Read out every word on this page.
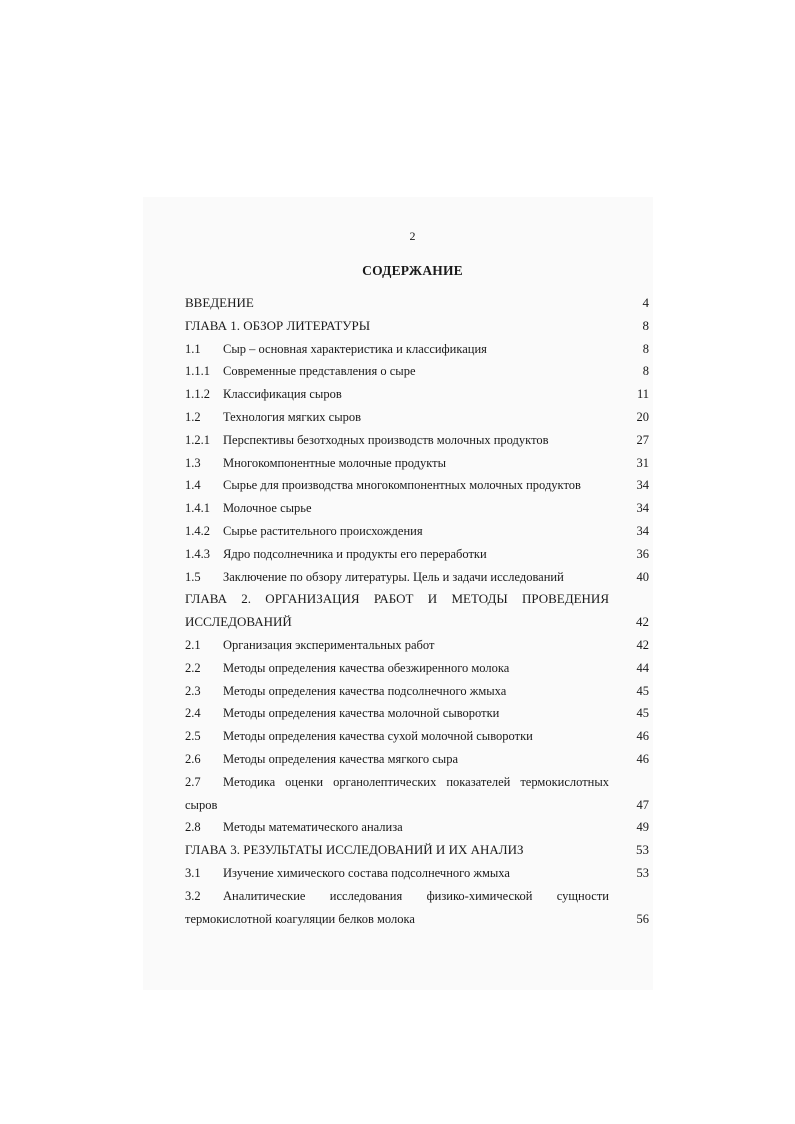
2
СОДЕРЖАНИЕ
ВВЕДЕНИЕ	4
ГЛАВА 1. ОБЗОР ЛИТЕРАТУРЫ	8
1.1	Сыр – основная характеристика и классификация	8
1.1.1	Современные представления о сыре	8
1.1.2	Классификация сыров	11
1.2	Технология мягких сыров	20
1.2.1	Перспективы безотходных производств молочных продуктов	27
1.3	Многокомпонентные молочные продукты	31
1.4	Сырье для производства многокомпонентных молочных продуктов	34
1.4.1	Молочное сырье	34
1.4.2	Сырье растительного происхождения	34
1.4.3	Ядро подсолнечника и продукты его переработки	36
1.5	Заключение по обзору литературы. Цель и задачи исследований	40
ГЛАВА 2. ОРГАНИЗАЦИЯ РАБОТ И МЕТОДЫ ПРОВЕДЕНИЯ
ИССЛЕДОВАНИЙ	42
2.1	Организация экспериментальных работ	42
2.2	Методы определения качества обезжиренного молока	44
2.3	Методы определения качества подсолнечного жмыха	45
2.4	Методы определения качества молочной сыворотки	45
2.5	Методы определения качества сухой молочной сыворотки	46
2.6	Методы определения качества мягкого сыра	46
2.7	Методика оценки органолептических показателей термокислотных
сыров	47
2.8	Методы математического анализа	49
ГЛАВА 3. РЕЗУЛЬТАТЫ ИССЛЕДОВАНИЙ И ИХ АНАЛИЗ	53
3.1	Изучение химического состава подсолнечного жмыха	53
3.2	Аналитические исследования физико-химической сущности
термокислотной коагуляции белков молока	56
